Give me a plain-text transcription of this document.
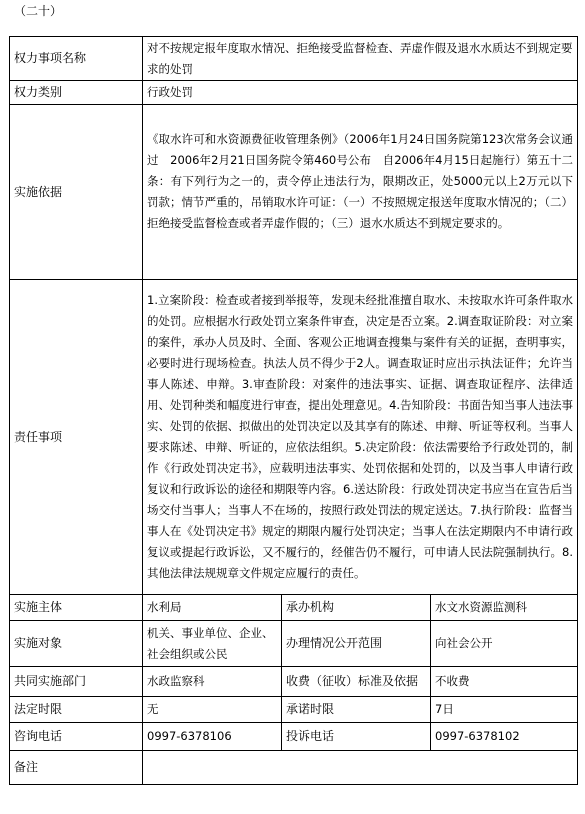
（二十）
权力事项名称	对不按规定报年度取水情况、拒绝接受监督检查、弄虚作假及退水水质达不到规定要求的处罚		
权力类别	行政处罚		
实施依据	《取水许可和水资源费征收管理条例》（2006年1月24日国务院第123次常务会议通过　2006年2月21日国务院令第460号公布　自2006年4月15日起施行）第五十二条：有下列行为之一的，责令停止违法行为，限期改正，处5000元以上2万元以下罚款；情节严重的，吊销取水许可证：（一）不按照规定报送年度取水情况的；（二）拒绝接受监督检查或者弄虚作假的；（三）退水水质达不到规定要求的。		

责任事项	1.立案阶段：检查或者接到举报等，发现未经批准擅自取水、未按取水许可条件取水的处罚。应根据水行政处罚立案条件审查，决定是否立案。2.调查取证阶段：对立案的案件，承办人员及时、全面、客观公正地调查搜集与案件有关的证据，查明事实，必要时进行现场检查。执法人员不得少于2人。调查取证时应出示执法证件；允许当事人陈述、申辩。3.审查阶段：对案件的违法事实、证据、调查取证程序、法律适用、处罚种类和幅度进行审查，提出处理意见。4.告知阶段：书面告知当事人违法事实、处罚的依据、拟做出的处罚决定以及其享有的陈述、申辩、听证等权利。当事人要求陈述、申辩、听证的，应依法组织。5.决定阶段：依法需要给予行政处罚的，制作《行政处罚决定书》，应载明违法事实、处罚依据和处罚的，以及当事人申请行政复议和行政诉讼的途径和期限等内容。6.送达阶段：行政处罚决定书应当在宣告后当场交付当事人；当事人不在场的，按照行政处罚法的规定送达。7.执行阶段：监督当事人在《处罚决定书》规定的期限内履行处罚决定；当事人在法定期限内不申请行政复议或提起行政诉讼，又不履行的，经催告仍不履行，可申请人民法院强制执行。8.其他法律法规规章文件规定应履行的责任。		

实施主体	水利局	承办机构	水文水资源监测科
实施对象	机关、事业单位、企业、社会组织或公民	办理情况公开范围	向社会公开
共同实施部门	水政监察科	收费（征收）标准及依据	不收费
法定时限	无	承诺时限	7日
咨询电话	0997-6378106	投诉电话	0997-6378102
备注			
